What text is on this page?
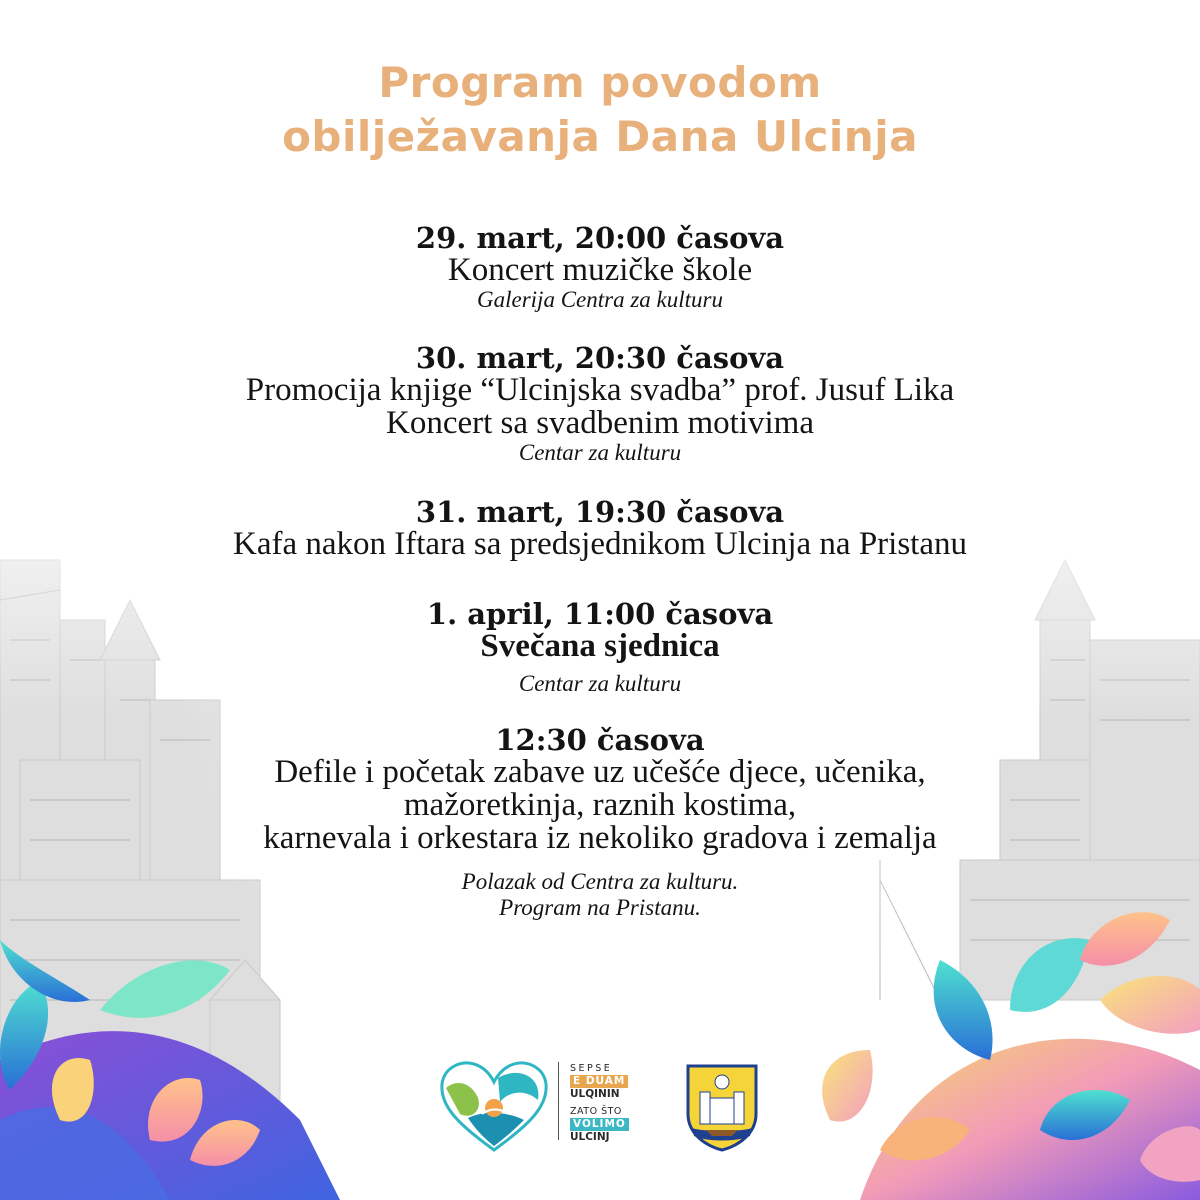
Program povodom
obilježavanja Dana Ulcinja
29. mart, 20:00 časova
Koncert muzičke škole
Galerija Centra za kulturu
30. mart, 20:30 časova
Promocija knjige “Ulcinjska svadba” prof. Jusuf Lika
Koncert sa svadbenim motivima
Centar za kulturu
31. mart, 19:30 časova
Kafa nakon Iftara sa predsjednikom Ulcinja na Pristanu
1. april, 11:00 časova
Svečana sjednica
Centar za kulturu
12:30 časova
Defile i početak zabave uz učešće djece, učenika,
mažoretkinja, raznih kostima,
karnevala i orkestara iz nekoliko gradova i zemalja
Polazak od Centra za kulturu.
Program na Pristanu.
SEPSE
E DUAM
ULQININ
ZATO ŠTO
VOLIMO
ULCINJ
